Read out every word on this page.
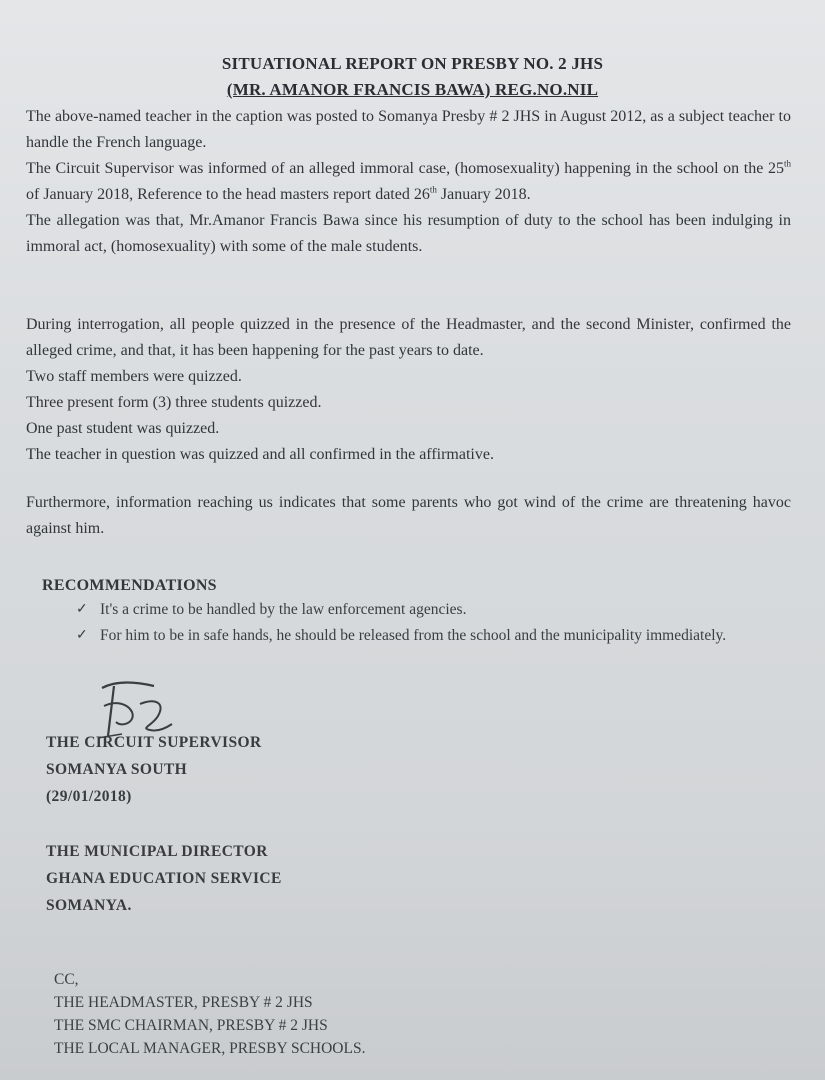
SITUATIONAL REPORT ON PRESBY NO. 2 JHS
(MR. AMANOR FRANCIS BAWA) REG.NO.NIL

The above-named teacher in the caption was posted to Somanya Presby # 2 JHS in August 2012, as a subject teacher to handle the French language.

The Circuit Supervisor was informed of an alleged immoral case, (homosexuality) happening in the school on the 25th of January 2018, Reference to the head masters report dated 26th January 2018.

The allegation was that, Mr.Amanor Francis Bawa since his resumption of duty to the school has been indulging in immoral act, (homosexuality) with some of the male students.

During interrogation, all people quizzed in the presence of the Headmaster, and the second Minister, confirmed the alleged crime, and that, it has been happening for the past years to date.

Two staff members were quizzed.

Three present form (3) three students quizzed.

One past student was quizzed.

The teacher in question was quizzed and all confirmed in the affirmative.

Furthermore, information reaching us indicates that some parents who got wind of the crime are threatening havoc against him.
RECOMMENDATIONS
✓ It's a crime to be handled by the law enforcement agencies.
✓ For him to be in safe hands, he should be released from the school and the municipality immediately.
THE CIRCUIT SUPERVISOR
SOMANYA SOUTH
(29/01/2018)
THE MUNICIPAL DIRECTOR
GHANA EDUCATION SERVICE
SOMANYA.
CC,
THE HEADMASTER, PRESBY # 2 JHS
THE SMC CHAIRMAN, PRESBY # 2 JHS
THE LOCAL MANAGER, PRESBY SCHOOLS.
